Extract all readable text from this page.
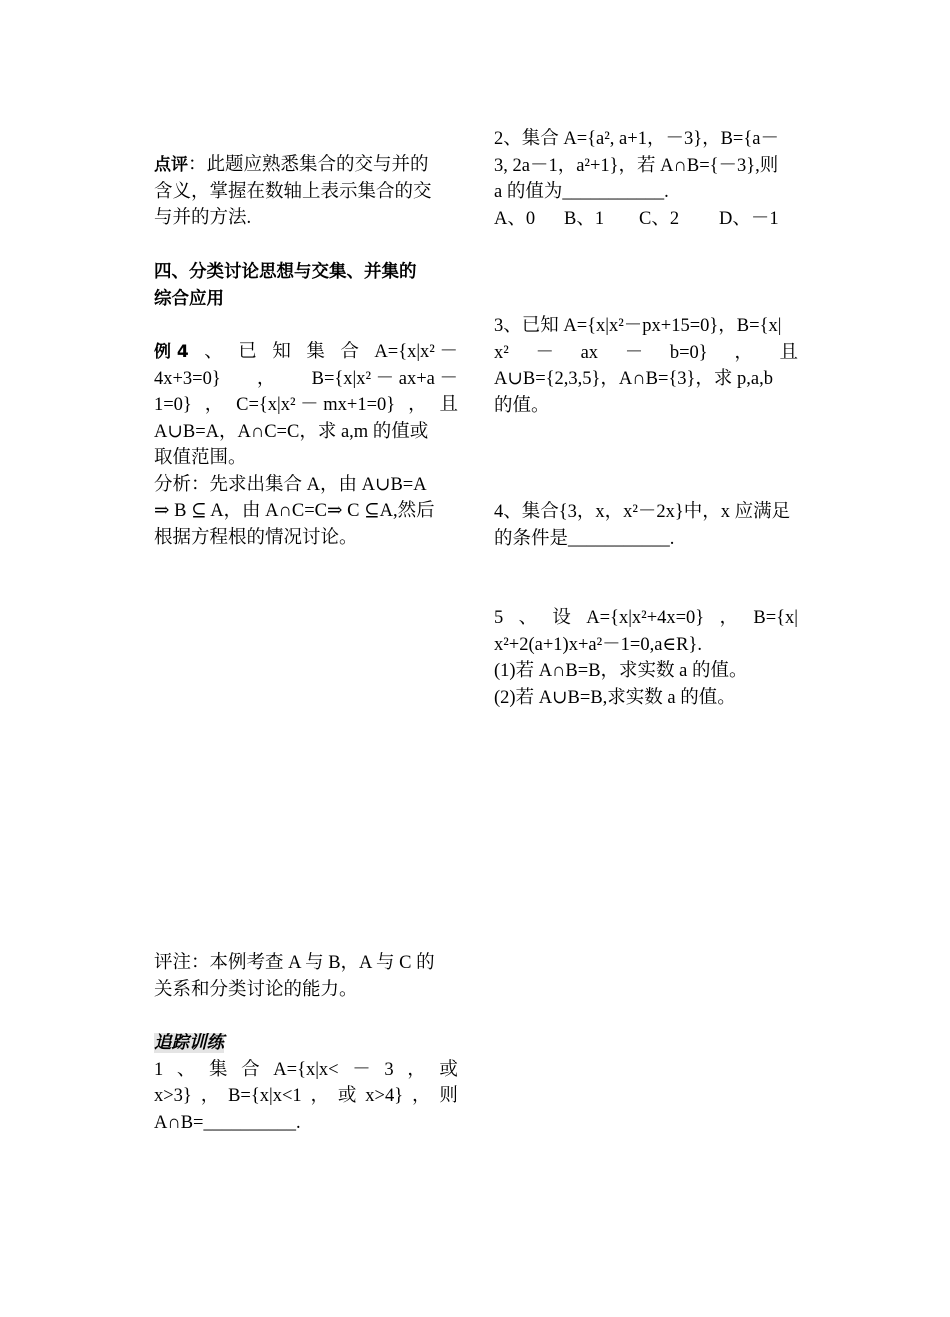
点评：此题应熟悉集合的交与并的
含义，掌握在数轴上表示集合的交
与并的方法.
四、分类讨论思想与交集、并集的
综合应用
例 4 、 已 知 集 合 A={x|x² －
4x+3=0} ， B={x|x² － ax+a －
1=0} ， C={x|x² － mx+1=0} ， 且
A∪B=A，A∩C=C，求 a,m 的值或
取值范围。
分析：先求出集合 A，由 A∪B=A
⇒ B ⊆ A，由 A∩C=C⇒ C ⊆A,然后
根据方程根的情况讨论。
评注：本例考查 A 与 B，A 与 C 的
关系和分类讨论的能力。
追踪训练
1 、 集 合 A={x|x< － 3 ， 或
x>3} ， B={x|x<1 ， 或 x>4} ， 则
A∩B=__________.
2、集合 A={a², a+1，－3}，B={a－
3, 2a－1，a²+1}，若 A∩B={－3},则
a 的值为___________.
A、0 B、1 C、2 D、－1
3、已知 A={x|x²－px+15=0}，B={x|
x² － ax － b=0} ， 且
A∪B={2,3,5}，A∩B={3}，求 p,a,b
的值。
4、集合{3，x，x²－2x}中，x 应满足
的条件是___________.
5 、 设 A={x|x²+4x=0} ， B={x|
x²+2(a+1)x+a²－1=0,a∈R}.
(1)若 A∩B=B，求实数 a 的值。
(2)若 A∪B=B,求实数 a 的值。
